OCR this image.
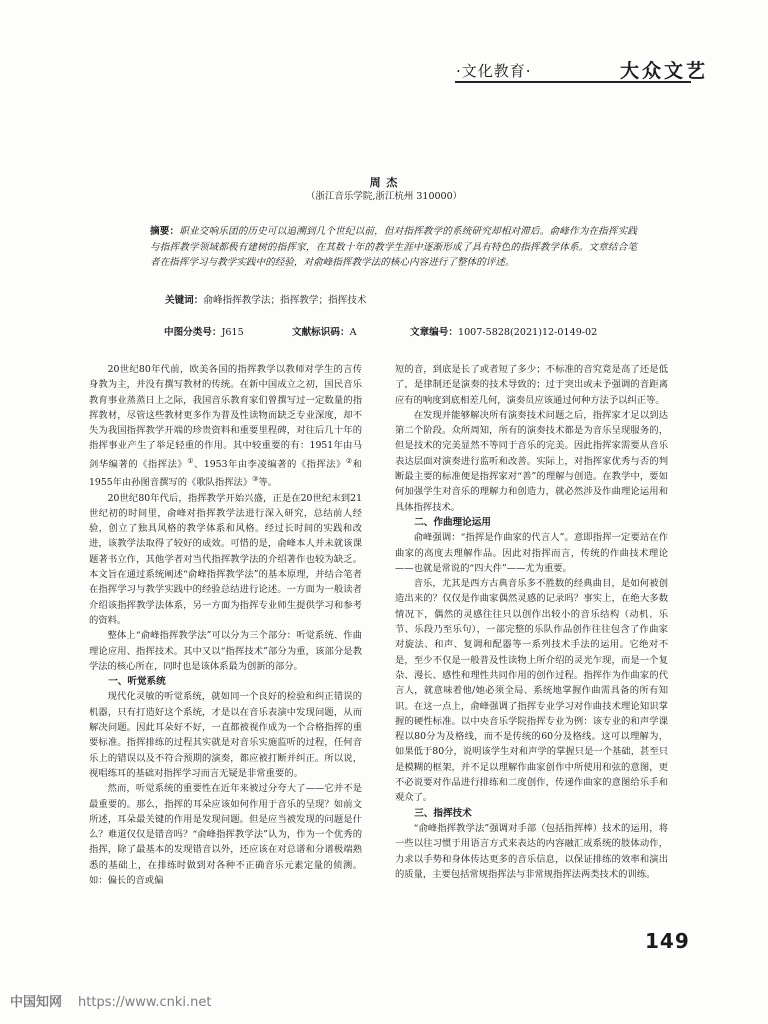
·文化教育·	大众文艺
周 杰
（浙江音乐学院,浙江杭州 310000）
摘要：职业交响乐团的历史可以追溯到几个世纪以前，但对指挥教学的系统研究却相对滞后。俞峰作为在指挥实践与指挥教学领域都极有建树的指挥家，在其数十年的教学生涯中逐渐形成了具有特色的指挥教学体系。文章结合笔者在指挥学习与教学实践中的经验，对俞峰指挥教学法的核心内容进行了整体的评述。
关键词：俞峰指挥教学法；指挥教学；指挥技术
中图分类号：J615	文献标识码：A	文章编号：1007-5828(2021)12-0149-02

20世纪80年代前，欧美各国的指挥教学以教师对学生的言传身教为主，并没有撰写教材的传统。在新中国成立之初，国民音乐教育事业蒸蒸日上之际，我国音乐教育家们曾撰写过一定数量的指挥教材，尽管这些教材更多作为普及性读物而缺乏专业深度，却不失为我国指挥教学开端的珍贵资料和重要里程碑，对往后几十年的指挥事业产生了举足轻重的作用。其中较重要的有：1951年由马剑华编著的《指挥法》①、1953年由李凌编著的《指挥法》②和1955年由孙图音撰写的《歌队指挥法》③等。

20世纪80年代后，指挥教学开始兴盛，正是在20世纪末到21世纪初的时间里，俞峰对指挥教学法进行深入研究，总结前人经验，创立了独具风格的教学体系和风格。经过长时间的实践和改进，该教学法取得了较好的成效。可惜的是，俞峰本人并未就该课题著书立作，其他学者对当代指挥教学法的介绍著作也较为缺乏。本文旨在通过系统阐述“俞峰指挥教学法”的基本原理，并结合笔者在指挥学习与教学实践中的经验总结进行论述。一方面为一般读者介绍该指挥教学法体系，另一方面为指挥专业师生提供学习和参考的资料。

整体上“俞峰指挥教学法”可以分为三个部分：听觉系统、作曲理论应用、指挥技术。其中又以“指挥技术”部分为重，该部分是教学法的核心所在，同时也是该体系最为创新的部分。

一、听觉系统

现代化灵敏的听觉系统，就如同一个良好的检验和纠正错误的机器，只有打造好这个系统，才是以在音乐表演中发现问题，从而解决问题。因此耳朵好不好，一直都被视作成为一个合格指挥的重要标准。指挥排练的过程其实就是对音乐实施监听的过程，任何音乐上的错误以及不符合预期的演奏，都应被打断并纠正。所以说，视唱练耳的基础对指挥学习而言无疑是非常重要的。

然而，听觉系统的重要性在近年来被过分夸大了——它并不是最重要的。那么，指挥的耳朵应该如何作用于音乐的呈现？如前文所述，耳朵最关键的作用是发现问题。但是应当被发现的问题是什么？难道仅仅是错音吗？“俞峰指挥教学法”认为，作为一个优秀的指挥，除了最基本的发现错音以外，还应该在对总谱和分谱极端熟悉的基础上，在排练时做到对各种不正确音乐元素定量的侦测。如：偏长的音或偏

短的音，到底是长了或者短了多少；不标准的音究竟是高了还是低了，是律制还是演奏的技术导致的；过于突出或未予强调的音距离应有的响度到底相差几何，演奏员应该通过何种方法予以纠正等。

在发现并能够解决所有演奏技术问题之后，指挥家才足以到达第二个阶段。众所周知，所有的演奏技术都是为音乐呈现服务的，但是技术的完美显然不等同于音乐的完美。因此指挥家需要从音乐表达层面对演奏进行监听和改善。实际上，对指挥家优秀与否的判断最主要的标准便是指挥家对“善”的理解与创造。在教学中，要如何加强学生对音乐的理解力和创造力，就必然涉及作曲理论运用和具体指挥技术。

二、作曲理论运用

俞峰强调：“指挥是作曲家的代言人”。意即指挥一定要站在作曲家的高度去理解作品。因此对指挥而言，传统的作曲技术理论——也就是常说的“四大件”——尤为重要。

音乐，尤其是西方古典音乐多不胜数的经典曲目，是如何被创造出来的？仅仅是作曲家偶然灵感的记录吗？事实上，在绝大多数情况下，偶然的灵感往往只以创作出较小的音乐结构（动机、乐节、乐段乃至乐句），一部完整的乐队作品创作往往包含了作曲家对旋法、和声、复调和配器等一系列技术手法的运用。它绝对不是，至少不仅是一般普及性读物上所介绍的灵光乍现，而是一个复杂、漫长、感性和理性共同作用的创作过程。指挥作为作曲家的代言人，就意味着他/她必须全局、系统地掌握作曲需具备的所有知识。在这一点上，俞峰强调了指挥专业学习对作曲技术理论知识掌握的硬性标准。以中央音乐学院指挥专业为例：该专业的和声学课程以80分为及格线，而不是传统的60分及格线。这可以理解为，如果低于80分，说明该学生对和声学的掌握只是一个基础，甚至只是模糊的框架，并不足以理解作曲家创作中所使用和弦的意图，更不必说要对作品进行排练和二度创作，传递作曲家的意图给乐手和观众了。

三、指挥技术

“俞峰指挥教学法”强调对手部（包括指挥棒）技术的运用，将一些以往习惯于用语言方式来表达的内容融汇成系统的肢体动作，力求以手势和身体传达更多的音乐信息，以保证排练的效率和演出的质量，主要包括常规指挥法与非常规指挥法两类技术的训练。

149
中国知网 https://www.cnki.net
